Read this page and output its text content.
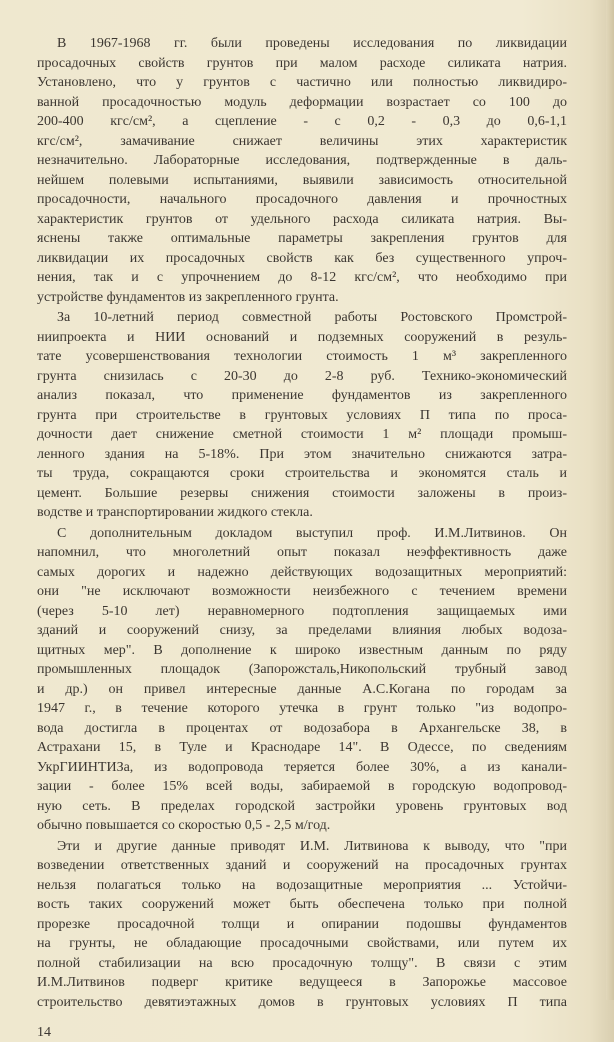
В 1967-1968 гг. были проведены исследования по ликвидации
просадочных свойств грунтов при малом расходе силиката натрия.
Установлено, что у грунтов с частично или полностью ликвидиро-
ванной просадочностью модуль деформации возрастает со 100 до
200-400 кгс/см², а сцепление - с 0,2 - 0,3 до 0,6-1,1
кгс/см², замачивание снижает величины этих характеристик
незначительно. Лабораторные исследования, подтвержденные в даль-
нейшем полевыми испытаниями, выявили зависимость относительной
просадочности, начального просадочного давления и прочностных
характеристик грунтов от удельного расхода силиката натрия. Вы-
яснены также оптимальные параметры закрепления грунтов для
ликвидации их просадочных свойств как без существенного упроч-
нения, так и с упрочнением до 8-12 кгс/см², что необходимо при
устройстве фундаментов из закрепленного грунта.
За 10-летний период совместной работы Ростовского Промстрой-
ниипроекта и НИИ оснований и подземных сооружений в резуль-
тате усовершенствования технологии стоимость 1 м³ закрепленного
грунта снизилась с 20-30 до 2-8 руб. Технико-экономический
анализ показал, что применение фундаментов из закрепленного
грунта при строительстве в грунтовых условиях П типа по проса-
дочности дает снижение сметной стоимости 1 м² площади промыш-
ленного здания на 5-18%. При этом значительно снижаются затра-
ты труда, сокращаются сроки строительства и экономятся сталь и
цемент. Большие резервы снижения стоимости заложены в произ-
водстве и транспортировании жидкого стекла.
С дополнительным докладом выступил проф. И.М.Литвинов. Он
напомнил, что многолетний опыт показал неэффективность даже
самых дорогих и надежно действующих водозащитных мероприятий:
они "не исключают возможности неизбежного с течением времени
(через 5-10 лет) неравномерного подтопления защищаемых ими
зданий и сооружений снизу, за пределами влияния любых водоза-
щитных мер". В дополнение к широко известным данным по ряду
промышленных площадок (Запорожсталь,Никопольский трубный завод
и др.) он привел интересные данные А.С.Когана по городам за
1947 г., в течение которого утечка в грунт только "из водопро-
вода достигла в процентах от водозабора в Архангельске 38, в
Астрахани 15, в Туле и Краснодаре 14". В Одессе, по сведениям
УкрГИИНТИЗа, из водопровода теряется более 30%, а из канали-
зации - более 15% всей воды, забираемой в городскую водопровод-
ную сеть. В пределах городской застройки уровень грунтовых вод
обычно повышается со скоростью 0,5 - 2,5 м/год.
Эти и другие данные приводят И.М. Литвинова к выводу, что "при
возведении ответственных зданий и сооружений на просадочных грунтах
нельзя полагаться только на водозащитные мероприятия ... Устойчи-
вость таких сооружений может быть обеспечена только при полной
прорезке просадочной толщи и опирании подошвы фундаментов
на грунты, не обладающие просадочными свойствами, или путем их
полной стабилизации на всю просадочную толщу". В связи с этим
И.М.Литвинов подверг критике ведущееся в Запорожье массовое
строительство девятиэтажных домов в грунтовых условиях П типа
14
